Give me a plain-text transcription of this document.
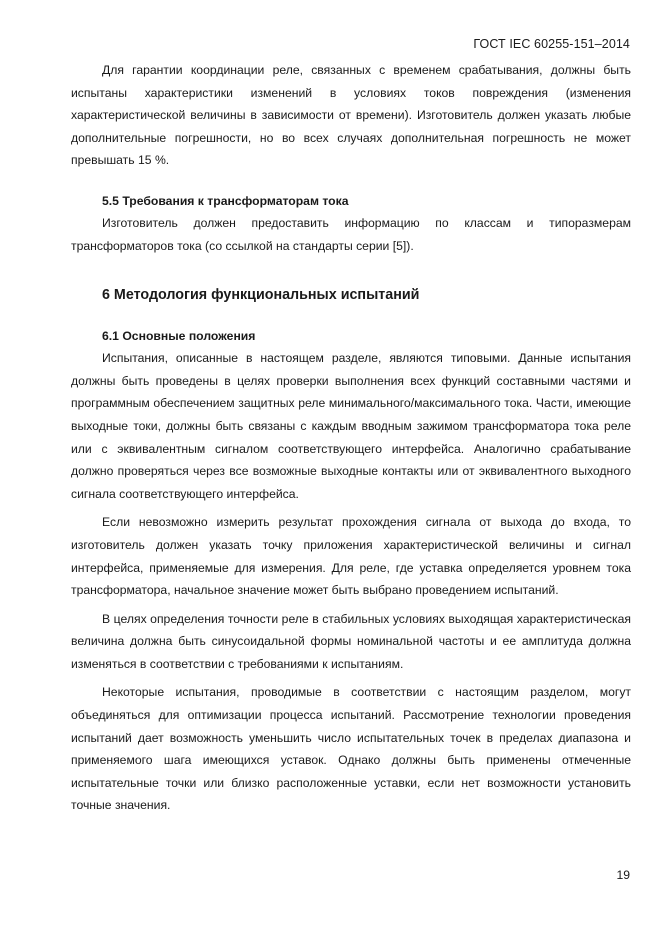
ГОСТ IEC 60255-151–2014

Для гарантии координации реле, связанных с временем срабатывания, должны быть испытаны характеристики изменений в условиях токов повреждения (изменения характеристической величины в зависимости от времени). Изготовитель должен указать любые дополнительные погрешности, но во всех случаях дополнительная погрешность не может превышать 15 %.

5.5 Требования к трансформаторам тока

Изготовитель должен предоставить информацию по классам и типоразмерам трансформаторов тока (со ссылкой на стандарты серии [5]).

6 Методология функциональных испытаний
6.1 Основные положения

Испытания, описанные в настоящем разделе, являются типовыми. Данные испытания должны быть проведены в целях проверки выполнения всех функций составными частями и программным обеспечением защитных реле минимального/максимального тока. Части, имеющие выходные токи, должны быть связаны с каждым вводным зажимом трансформатора тока реле или с эквивалентным сигналом соответствующего интерфейса. Аналогично срабатывание должно проверяться через все возможные выходные контакты или от эквивалентного выходного сигнала соответствующего интерфейса.

Если невозможно измерить результат прохождения сигнала от выхода до входа, то изготовитель должен указать точку приложения характеристической величины и сигнал интерфейса, применяемые для измерения. Для реле, где уставка определяется уровнем тока трансформатора, начальное значение может быть выбрано проведением испытаний.

В целях определения точности реле в стабильных условиях выходящая характеристическая величина должна быть синусоидальной формы номинальной частоты и ее амплитуда должна изменяться в соответствии с требованиями к испытаниям.

Некоторые испытания, проводимые в соответствии с настоящим разделом, могут объединяться для оптимизации процесса испытаний. Рассмотрение технологии проведения испытаний дает возможность уменьшить число испытательных точек в пределах диапазона и применяемого шага имеющихся уставок. Однако должны быть применены отмеченные испытательные точки или близко расположенные уставки, если нет возможности установить точные значения.

19
